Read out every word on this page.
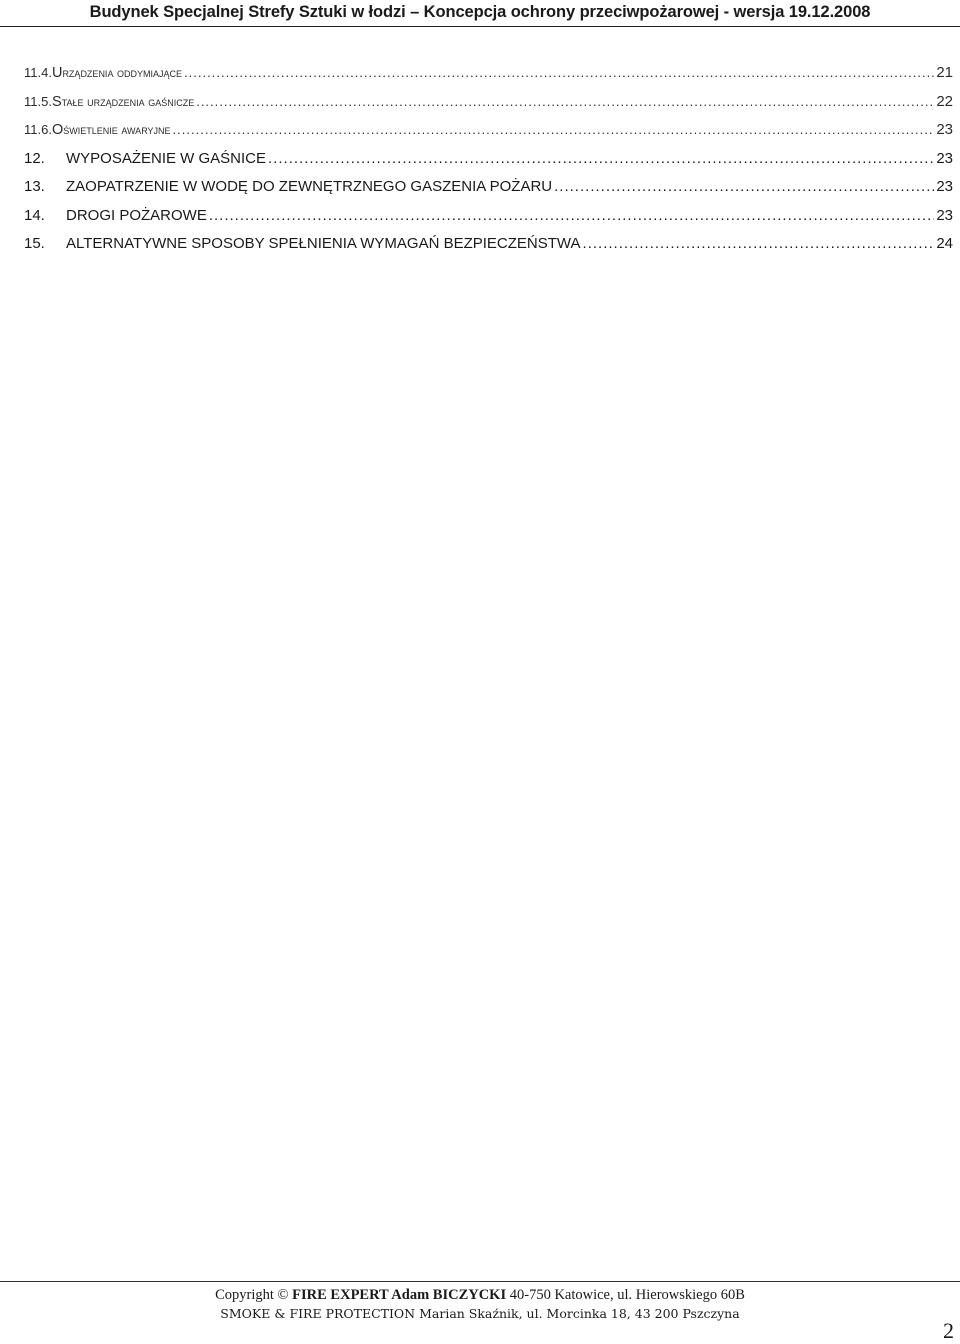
Budynek Specjalnej Strefy Sztuki w łodzi – Koncepcja ochrony przeciwpożarowej - wersja 19.12.2008
11.4. Urządzenia oddymiające .....	21
11.5. Stałe urządzenia gaśnicze .....	22
11.6. Oświetlenie awaryjne .....	23
12.	WYPOSAŻENIE W GAŚNICE .....	23
13.	ZAOPATRZENIE W WODĘ DO ZEWNĘTRZNEGO GASZENIA POŻARU .....	23
14.	DROGI POŻAROWE .....	23
15.	ALTERNATYWNE SPOSOBY SPEŁNIENIA WYMAGAŃ BEZPIECZEŃSTWA .....	24
Copyright © FIRE EXPERT Adam BICZYCKI 40-750 Katowice, ul. Hierowskiego 60B
SMOKE & FIRE PROTECTION Marian Skaźnik, ul. Morcinka 18, 43 200 Pszczyna
2
